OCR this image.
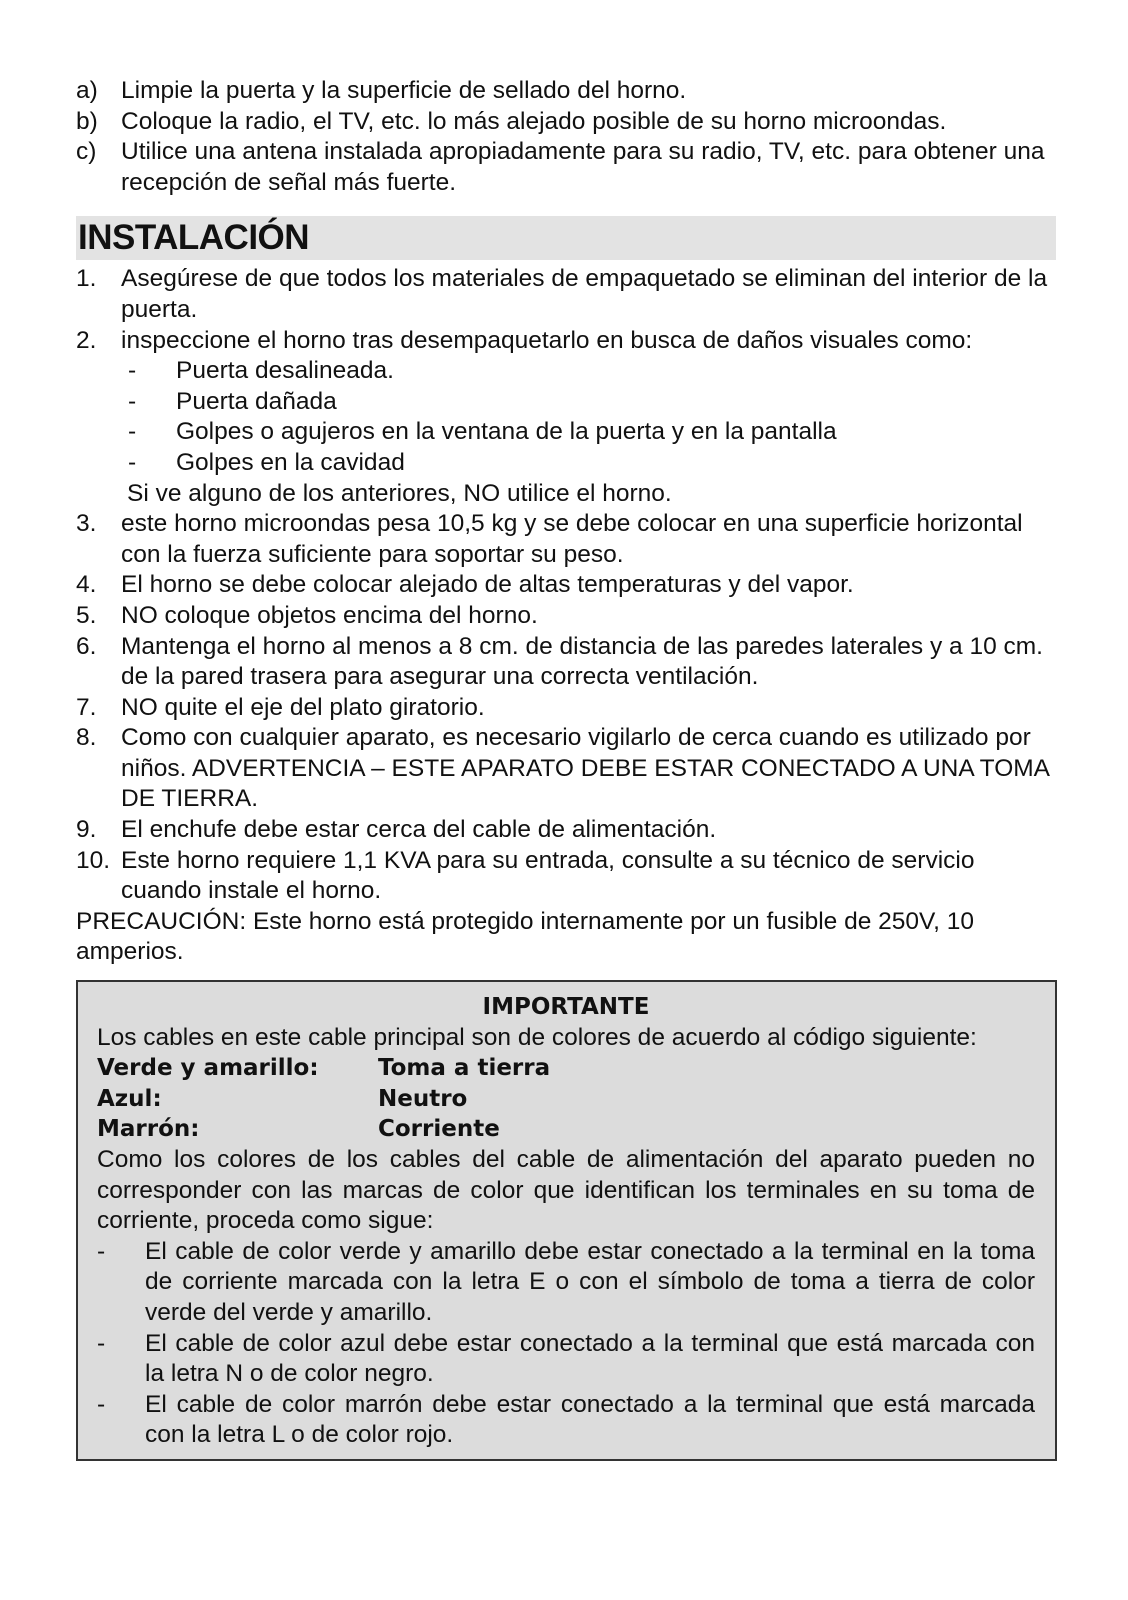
a) Limpie la puerta y la superficie de sellado del horno.
b) Coloque la radio, el TV, etc. lo más alejado posible de su horno microondas.
c)	Utilice una antena instalada apropiadamente para su radio, TV, etc. para obtener una recepción de señal más fuerte.
INSTALACIÓN
1.	Asegúrese de que todos los materiales de empaquetado se eliminan del interior de la puerta.
2.	inspeccione el horno tras desempaquetarlo en busca de daños visuales como:
-	Puerta desalineada.
-	Puerta dañada
-	Golpes o agujeros en la ventana de la puerta y en la pantalla
-	Golpes en la cavidad
Si ve alguno de los anteriores, NO utilice el horno.
3.	este horno microondas pesa 10,5 kg y se debe colocar en una superficie horizontal con la fuerza suficiente para soportar su peso.
4.	El horno se debe colocar alejado de altas temperaturas y del vapor.
5.	NO coloque objetos encima del horno.
6.	Mantenga el horno al menos a 8 cm. de distancia de las paredes laterales y a 10 cm. de la pared trasera para asegurar una correcta ventilación.
7.	NO quite el eje del plato giratorio.
8.	Como con cualquier aparato, es necesario vigilarlo de cerca cuando es utilizado por niños. ADVERTENCIA – ESTE APARATO DEBE ESTAR CONECTADO A UNA TOMA DE TIERRA.
9.	El enchufe debe estar cerca del cable de alimentación.
10. Este horno requiere 1,1 KVA para su entrada, consulte a su técnico de servicio cuando instale el horno.
PRECAUCIÓN: Este horno está protegido internamente por un fusible de 250V, 10 amperios.
IMPORTANTE
Los cables en este cable principal son de colores de acuerdo al código siguiente:
Verde y amarillo:	Toma a tierra
Azul:	Neutro
Marrón:	Corriente
Como los colores de los cables del cable de alimentación del aparato pueden no corresponder con las marcas de color que identifican los terminales en su toma de corriente, proceda como sigue:
-	El cable de color verde y amarillo debe estar conectado a la terminal en la toma de corriente marcada con la letra E o con el símbolo de toma a tierra de color verde del verde y amarillo.
-	El cable de color azul debe estar conectado a la terminal que está marcada con la letra N o de color negro.
-	El cable de color marrón debe estar conectado a la terminal que está marcada con la letra L o de color rojo.
